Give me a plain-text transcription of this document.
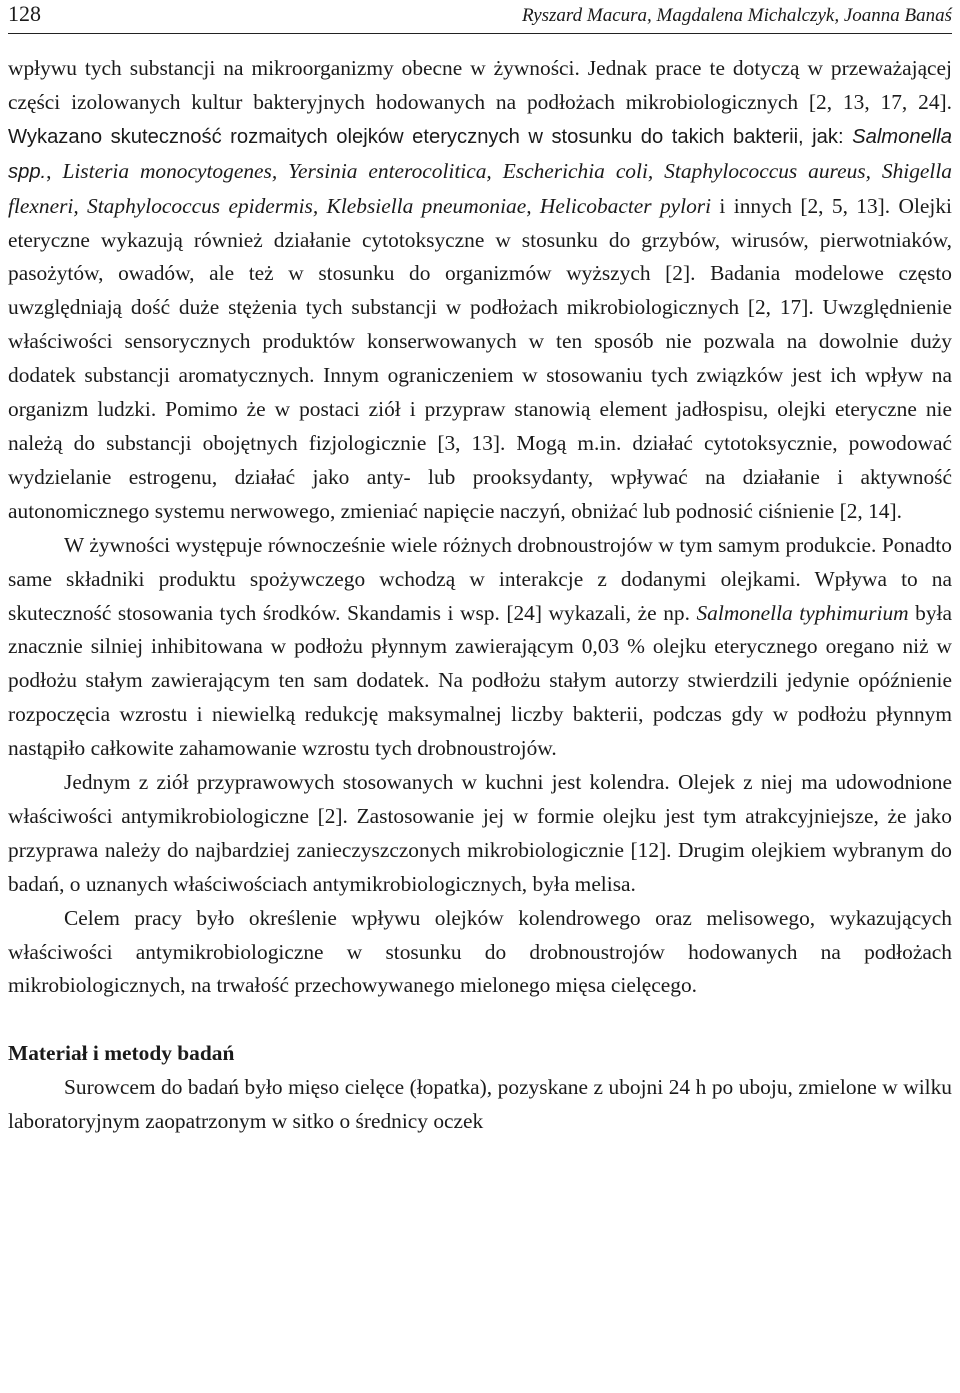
128	Ryszard Macura, Magdalena Michalczyk, Joanna Banaś

wpływu tych substancji na mikroorganizmy obecne w żywności. Jednak prace te dotyczą w przeważającej części izolowanych kultur bakteryjnych hodowanych na podłożach mikrobiologicznych [2, 13, 17, 24]. Wykazano skuteczność rozmaitych olejków eterycznych w stosunku do takich bakterii, jak: Salmonella spp., Listeria monocytogenes, Yersinia enterocolitica, Escherichia coli, Staphylococcus aureus, Shigella flexneri, Staphylococcus epidermis, Klebsiella pneumoniae, Helicobacter pylori i innych [2, 5, 13]. Olejki eteryczne wykazują również działanie cytotoksyczne w stosunku do grzybów, wirusów, pierwotniaków, pasożytów, owadów, ale też w stosunku do organizmów wyższych [2]. Badania modelowe często uwzględniają dość duże stężenia tych substancji w podłożach mikrobiologicznych [2, 17]. Uwzględnienie właściwości sensorycznych produktów konserwowanych w ten sposób nie pozwala na dowolnie duży dodatek substancji aromatycznych. Innym ograniczeniem w stosowaniu tych związków jest ich wpływ na organizm ludzki. Pomimo że w postaci ziół i przypraw stanowią element jadłospisu, olejki eteryczne nie należą do substancji obojętnych fizjologicznie [3, 13]. Mogą m.in. działać cytotoksycznie, powodować wydzielanie estrogenu, działać jako anty- lub prooksydanty, wpływać na działanie i aktywność autonomicznego systemu nerwowego, zmieniać napięcie naczyń, obniżać lub podnosić ciśnienie [2, 14].

W żywności występuje równocześnie wiele różnych drobnoustrojów w tym samym produkcie. Ponadto same składniki produktu spożywczego wchodzą w interakcje z dodanymi olejkami. Wpływa to na skuteczność stosowania tych środków. Skandamis i wsp. [24] wykazali, że np. Salmonella typhimurium była znacznie silniej inhibitowana w podłożu płynnym zawierającym 0,03 % olejku eterycznego oregano niż w podłożu stałym zawierającym ten sam dodatek. Na podłożu stałym autorzy stwierdzili jedynie opóźnienie rozpoczęcia wzrostu i niewielką redukcję maksymalnej liczby bakterii, podczas gdy w podłożu płynnym nastąpiło całkowite zahamowanie wzrostu tych drobnoustrojów.

Jednym z ziół przyprawowych stosowanych w kuchni jest kolendra. Olejek z niej ma udowodnione właściwości antymikrobiologiczne [2]. Zastosowanie jej w formie olejku jest tym atrakcyjniejsze, że jako przyprawa należy do najbardziej zanieczyszczonych mikrobiologicznie [12]. Drugim olejkiem wybranym do badań, o uznanych właściwościach antymikrobiologicznych, była melisa.

Celem pracy było określenie wpływu olejków kolendrowego oraz melisowego, wykazujących właściwości antymikrobiologiczne w stosunku do drobnoustrojów hodowanych na podłożach mikrobiologicznych, na trwałość przechowywanego mielonego mięsa cielęcego.

Materiał i metody badań

Surowcem do badań było mięso cielęce (łopatka), pozyskane z ubojni 24 h po uboju, zmielone w wilku laboratoryjnym zaopatrzonym w sitko o średnicy oczek
